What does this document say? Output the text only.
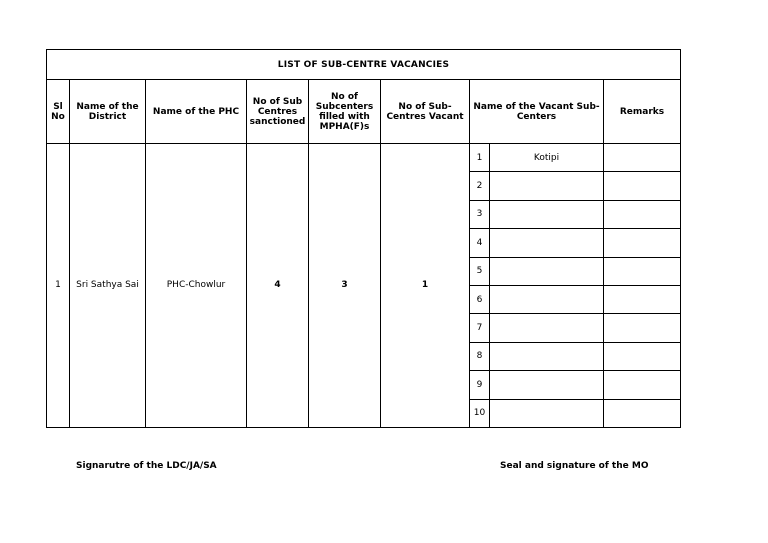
LIST OF SUB-CENTRE VACANCIES								
Sl No	Name of the District	Name of the PHC	No of Sub Centres sanctioned	No of Subcenters filled with MPHA(F)s	No of Sub-Centres Vacant	Name of the Vacant Sub-Centers		Remarks
1	Sri Sathya Sai	PHC-Chowlur	4	3	1	1	Kotipi	
						2		
						3		
						4		
						5		
						6		
						7		
						8		
						9		
						10		
Signarutre of the LDC/JA/SA	Seal and signature of the MO
